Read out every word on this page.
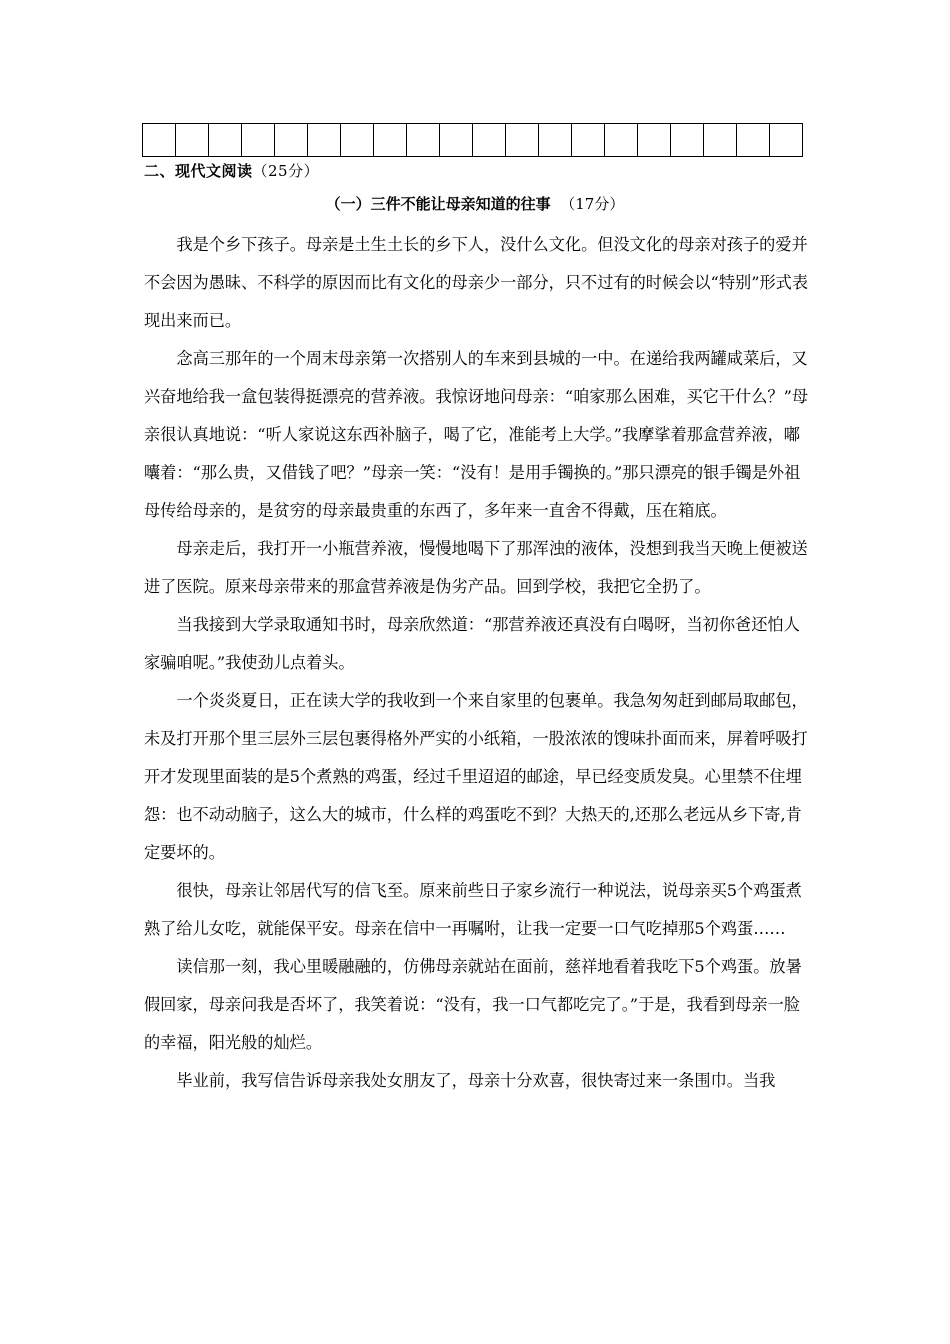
二、现代文阅读（25分）
（一）三件不能让母亲知道的往事 （17分）

我是个乡下孩子。母亲是土生土长的乡下人，没什么文化。但没文化的母亲对孩子的爱并不会因为愚昧、不科学的原因而比有文化的母亲少一部分，只不过有的时候会以“特别”形式表现出来而已。

念高三那年的一个周末母亲第一次搭别人的车来到县城的一中。在递给我两罐咸菜后，又兴奋地给我一盒包装得挺漂亮的营养液。我惊讶地问母亲：“咱家那么困难，买它干什么？”母亲很认真地说：“听人家说这东西补脑子，喝了它，准能考上大学。”我摩挲着那盒营养液，嘟囔着：“那么贵，又借钱了吧？”母亲一笑：“没有！是用手镯换的。”那只漂亮的银手镯是外祖母传给母亲的，是贫穷的母亲最贵重的东西了，多年来一直舍不得戴，压在箱底。

母亲走后，我打开一小瓶营养液，慢慢地喝下了那浑浊的液体，没想到我当天晚上便被送进了医院。原来母亲带来的那盒营养液是伪劣产品。回到学校，我把它全扔了。

当我接到大学录取通知书时，母亲欣然道：“那营养液还真没有白喝呀，当初你爸还怕人家骗咱呢。”我使劲儿点着头。

一个炎炎夏日，正在读大学的我收到一个来自家里的包裹单。我急匆匆赶到邮局取邮包，未及打开那个里三层外三层包裹得格外严实的小纸箱，一股浓浓的馊味扑面而来，屏着呼吸打开才发现里面装的是5个煮熟的鸡蛋，经过千里迢迢的邮途，早已经变质发臭。心里禁不住埋怨：也不动动脑子，这么大的城市，什么样的鸡蛋吃不到？大热天的,还那么老远从乡下寄,肯定要坏的。

很快，母亲让邻居代写的信飞至。原来前些日子家乡流行一种说法，说母亲买5个鸡蛋煮熟了给儿女吃，就能保平安。母亲在信中一再嘱咐，让我一定要一口气吃掉那5个鸡蛋……

读信那一刻，我心里暖融融的，仿佛母亲就站在面前，慈祥地看着我吃下5个鸡蛋。放暑假回家，母亲问我是否坏了，我笑着说：“没有，我一口气都吃完了。”于是，我看到母亲一脸的幸福，阳光般的灿烂。

毕业前，我写信告诉母亲我处女朋友了，母亲十分欢喜，很快寄过来一条围巾。当我
